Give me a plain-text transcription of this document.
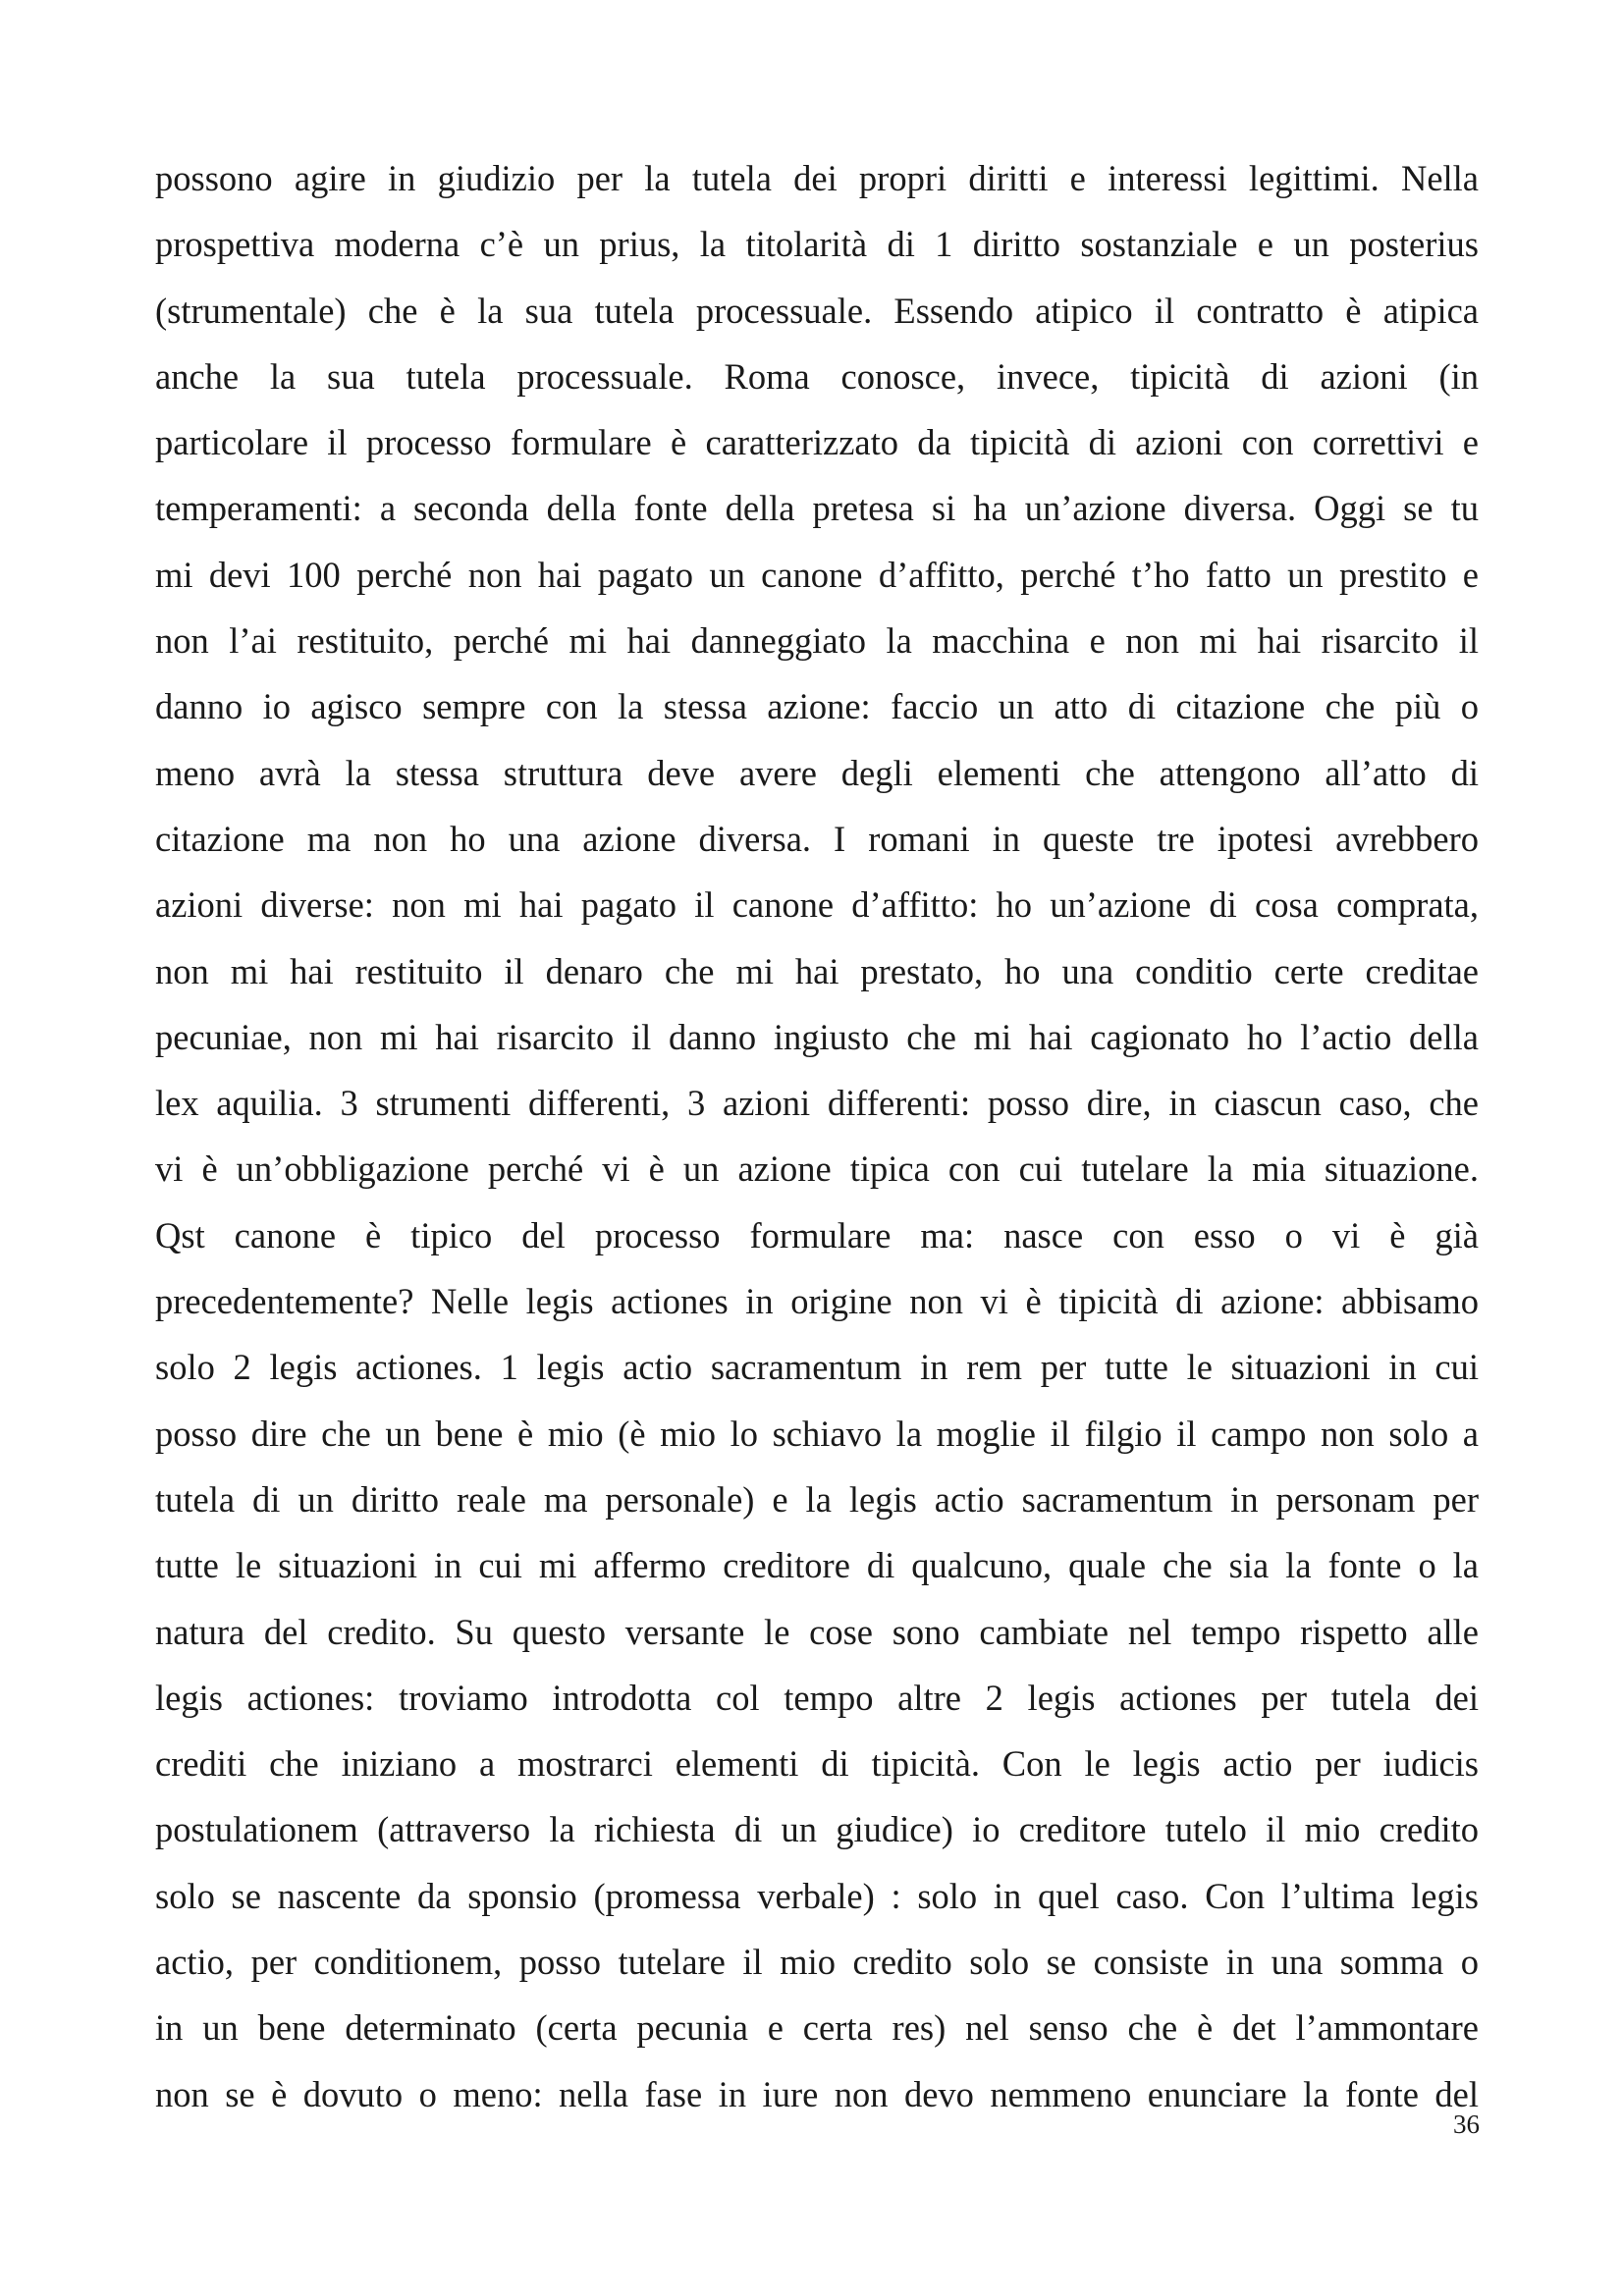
possono agire in giudizio per la tutela dei propri diritti e interessi legittimi. Nella
prospettiva moderna c’è un prius, la titolarità di 1 diritto sostanziale e un posterius
(strumentale) che è la sua tutela processuale. Essendo atipico il contratto è atipica
anche la sua tutela processuale. Roma conosce, invece, tipicità di azioni (in
particolare il processo formulare è caratterizzato da tipicità di azioni con correttivi e
temperamenti: a seconda della fonte della pretesa si ha un’azione diversa. Oggi se tu
mi devi 100 perché non hai pagato un canone d’affitto, perché t’ho fatto un prestito e
non l’ai restituito, perché mi hai danneggiato la macchina e non mi hai risarcito il
danno io agisco sempre con la stessa azione: faccio un atto di citazione che più o
meno avrà la stessa struttura deve avere degli elementi che attengono all’atto di
citazione ma non ho una azione diversa. I romani in queste tre ipotesi avrebbero
azioni diverse: non mi hai pagato il canone d’affitto: ho un’azione di cosa comprata,
non mi hai restituito il denaro che mi hai prestato, ho una conditio certe creditae
pecuniae, non mi hai risarcito il danno ingiusto che mi hai cagionato ho l’actio della
lex aquilia. 3 strumenti differenti, 3 azioni differenti: posso dire, in ciascun caso, che
vi è un’obbligazione perché vi è un azione tipica con cui tutelare la mia situazione.
Qst canone è tipico del processo formulare ma: nasce con esso o vi è già
precedentemente? Nelle legis actiones in origine non vi è tipicità di azione: abbisamo
solo 2 legis actiones. 1 legis actio sacramentum in rem per tutte le situazioni in cui
posso dire che un bene è mio (è mio lo schiavo la moglie il filgio il campo non solo a
tutela di un diritto reale ma personale) e la legis actio sacramentum in personam per
tutte le situazioni in cui mi affermo creditore di qualcuno, quale che sia la fonte o la
natura del credito. Su questo versante le cose sono cambiate nel tempo rispetto alle
legis actiones: troviamo introdotta col tempo altre 2 legis actiones per tutela dei
crediti che iniziano a mostrarci elementi di tipicità. Con le legis actio per iudicis
postulationem (attraverso la richiesta di un giudice) io creditore tutelo il mio credito
solo se nascente da sponsio (promessa verbale) : solo in quel caso. Con l’ultima legis
actio, per conditionem, posso tutelare il mio credito solo se consiste in una somma o
in un bene determinato (certa pecunia e certa res) nel senso che è det l’ammontare
non se è dovuto o meno: nella fase in iure non devo nemmeno enunciare la fonte del
36
